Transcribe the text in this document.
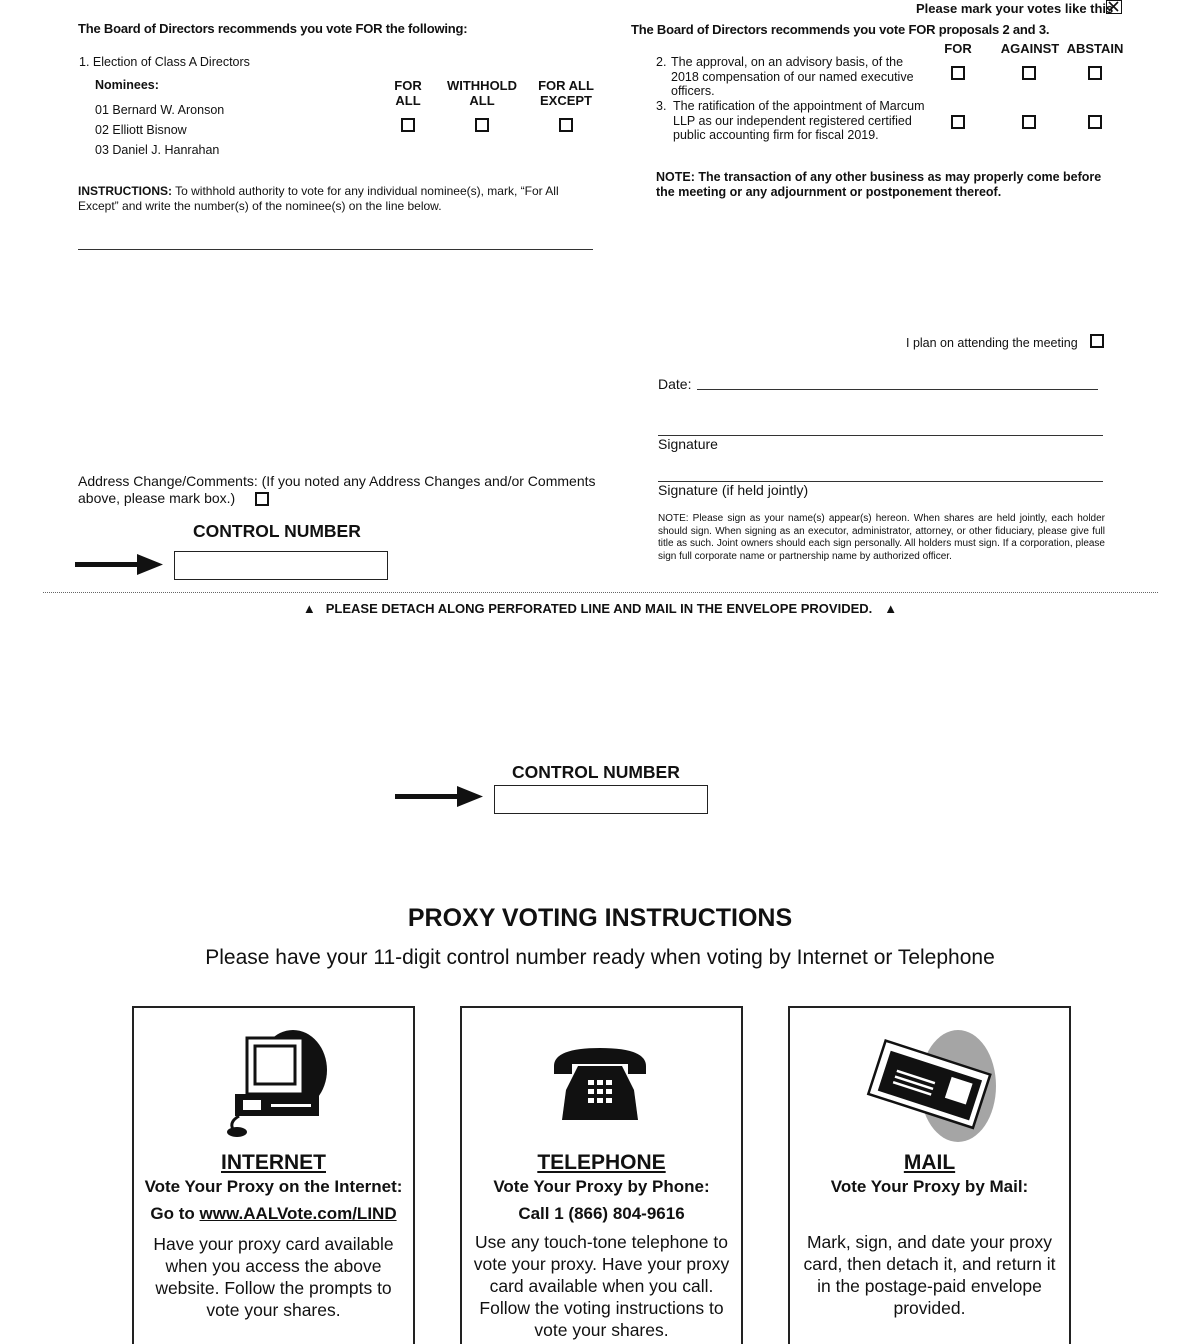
Please mark your votes like this
The Board of Directors recommends you vote FOR the following:
1. Election of Class A Directors
Nominees:
01 Bernard W. Aronson
02 Elliott Bisnow
03 Daniel J. Hanrahan
FOR ALL
WITHHOLD ALL
FOR ALL EXCEPT
INSTRUCTIONS: To withhold authority to vote for any individual nominee(s), mark, “For All Except” and write the number(s) of the nominee(s) on the line below.
The Board of Directors recommends you vote FOR proposals 2 and 3.
FOR	AGAINST ABSTAIN
2. The approval, on an advisory basis, of the 2018 compensation of our named executive officers.
3. The ratification of the appointment of Marcum LLP as our independent registered certified public accounting firm for fiscal 2019.
NOTE: The transaction of any other business as may properly come before the meeting or any adjournment or postponement thereof.
I plan on attending the meeting
Date:
Signature
Signature (if held jointly)
NOTE: Please sign as your name(s) appear(s) hereon. When shares are held jointly, each holder should sign. When signing as an executor, administrator, attorney, or other fiduciary, please give full title as such. Joint owners should each sign personally. All holders must sign. If a corporation, please sign full corporate name or partnership name by authorized officer.
Address Change/Comments: (If you noted any Address Changes and/or Comments above, please mark box.)
CONTROL NUMBER
▲ PLEASE DETACH ALONG PERFORATED LINE AND MAIL IN THE ENVELOPE PROVIDED. ▲
CONTROL NUMBER
PROXY VOTING INSTRUCTIONS
Please have your 11-digit control number ready when voting by Internet or Telephone
INTERNET
Vote Your Proxy on the Internet:
Go to www.AALVote.com/LIND
Have your proxy card available when you access the above website. Follow the prompts to vote your shares.
TELEPHONE
Vote Your Proxy by Phone:
Call 1 (866) 804-9616
Use any touch-tone telephone to vote your proxy. Have your proxy card available when you call. Follow the voting instructions to vote your shares.
MAIL
Vote Your Proxy by Mail:
Mark, sign, and date your proxy card, then detach it, and return it in the postage-paid envelope provided.
